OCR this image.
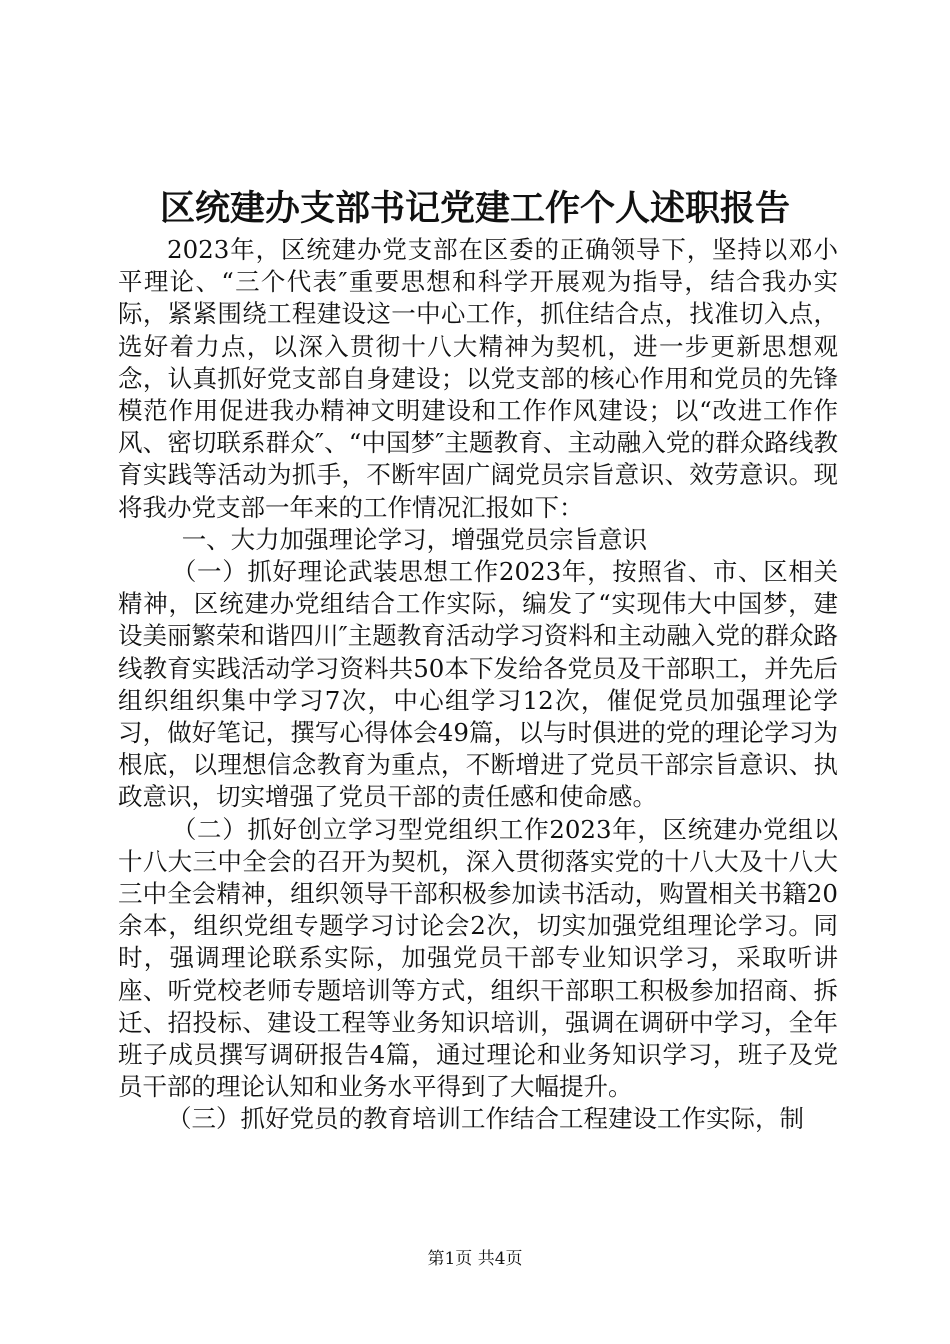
区统建办支部书记党建工作个人述职报告

2023年，区统建办党支部在区委的正确领导下，坚持以邓小平理论、“三个代表″重要思想和科学开展观为指导，结合我办实际，紧紧围绕工程建设这一中心工作，抓住结合点，找准切入点，选好着力点，以深入贯彻十八大精神为契机，进一步更新思想观念，认真抓好党支部自身建设；以党支部的核心作用和党员的先锋模范作用促进我办精神文明建设和工作作风建设；以“改进工作作风、密切联系群众″、“中国梦″主题教育、主动融入党的群众路线教育实践等活动为抓手，不断牢固广阔党员宗旨意识、效劳意识。现将我办党支部一年来的工作情况汇报如下：

一、大力加强理论学习，增强党员宗旨意识

（一）抓好理论武装思想工作2023年，按照省、市、区相关精神，区统建办党组结合工作实际，编发了“实现伟大中国梦，建设美丽繁荣和谐四川″主题教育活动学习资料和主动融入党的群众路线教育实践活动学习资料共50本下发给各党员及干部职工，并先后组织组织集中学习7次，中心组学习12次，催促党员加强理论学习，做好笔记，撰写心得体会49篇，以与时俱进的党的理论学习为根底，以理想信念教育为重点，不断增进了党员干部宗旨意识、执政意识，切实增强了党员干部的责任感和使命感。

（二）抓好创立学习型党组织工作2023年，区统建办党组以十八大三中全会的召开为契机，深入贯彻落实党的十八大及十八大三中全会精神，组织领导干部积极参加读书活动，购置相关书籍20余本，组织党组专题学习讨论会2次，切实加强党组理论学习。同时，强调理论联系实际，加强党员干部专业知识学习，采取听讲座、听党校老师专题培训等方式，组织干部职工积极参加招商、拆迁、招投标、建设工程等业务知识培训，强调在调研中学习，全年班子成员撰写调研报告4篇，通过理论和业务知识学习，班子及党员干部的理论认知和业务水平得到了大幅提升。

（三）抓好党员的教育培训工作结合工程建设工作实际，制

第1页 共4页
